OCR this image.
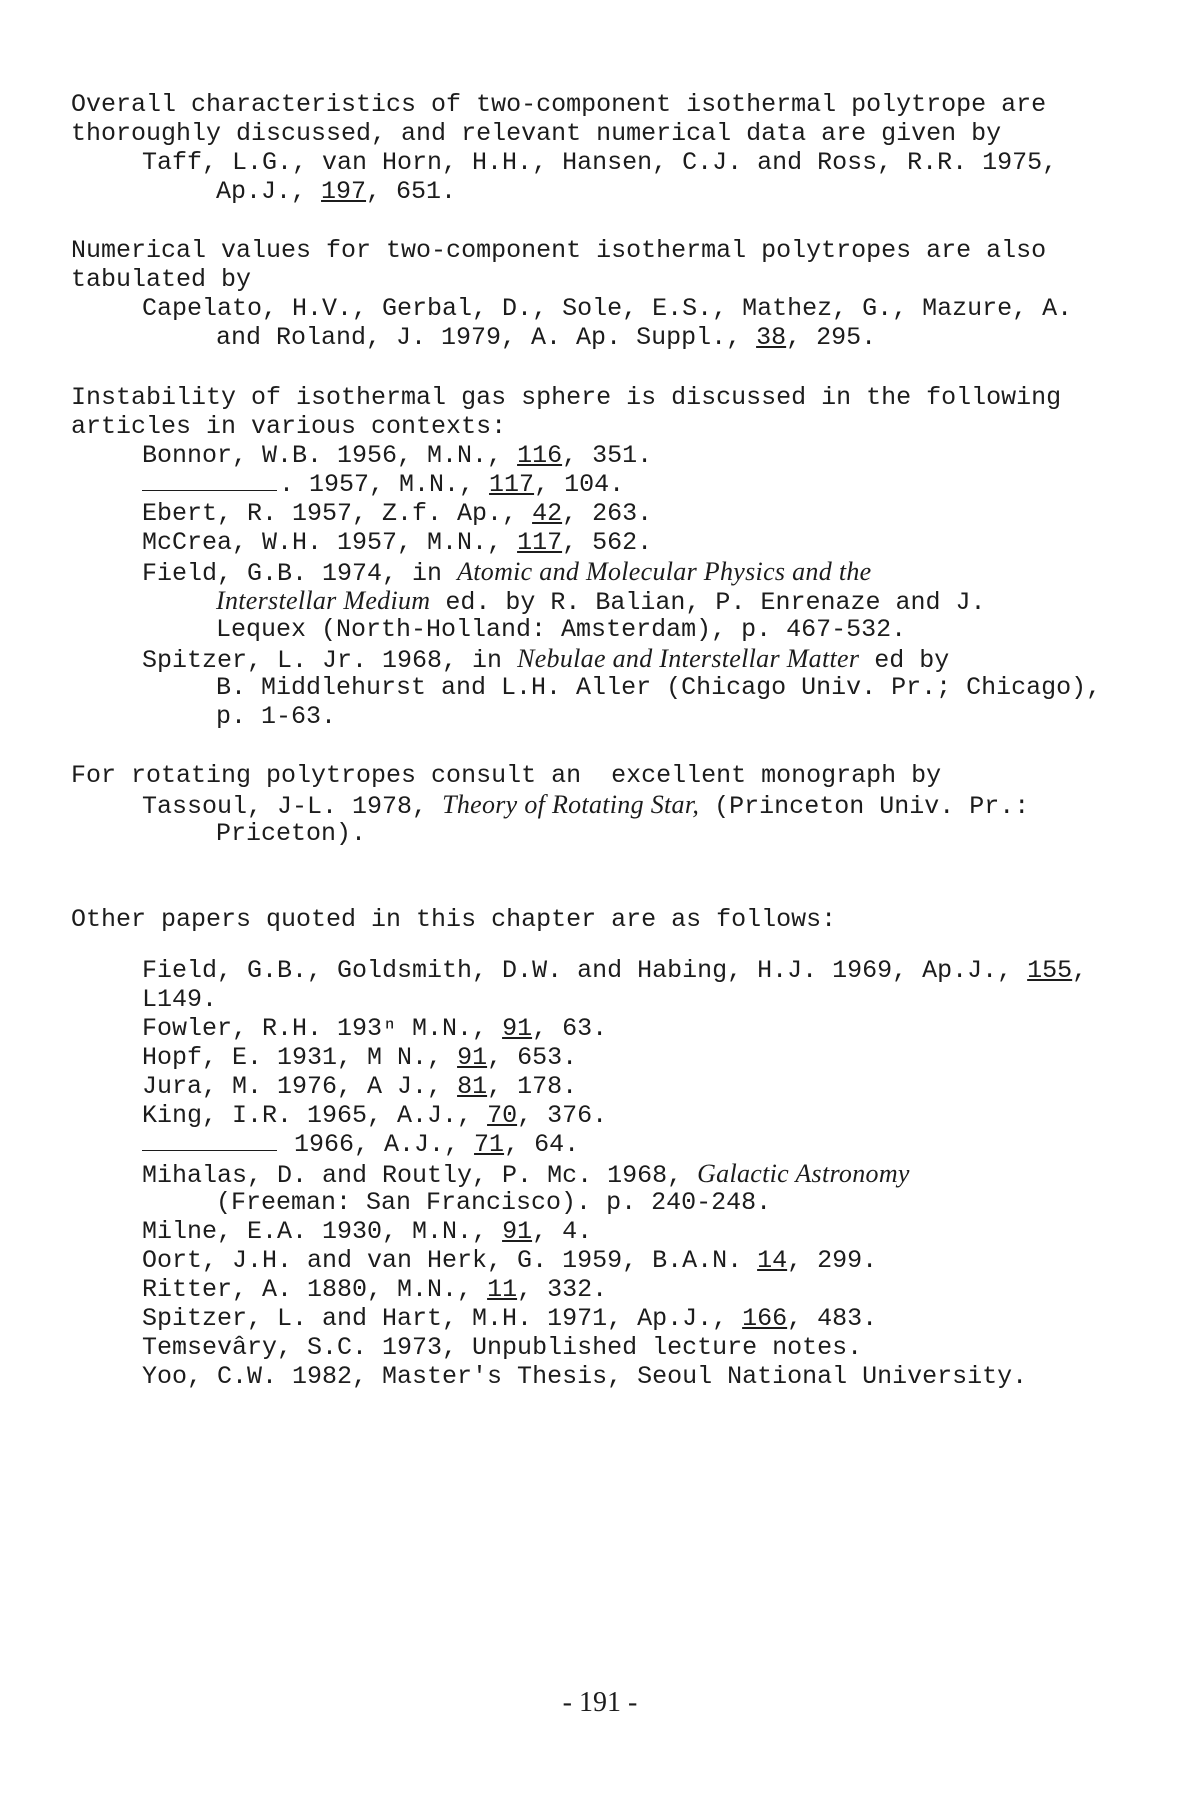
Overall characteristics of two-component isothermal polytrope are
thoroughly discussed, and relevant numerical data are given by
Taff, L.G., van Horn, H.H., Hansen, C.J. and Ross, R.R. 1975,
Ap.J., 197, 651.
Numerical values for two-component isothermal polytropes are also
tabulated by
Capelato, H.V., Gerbal, D., Sole, E.S., Mathez, G., Mazure, A.
and Roland, J. 1979, A. Ap. Suppl., 38, 295.
Instability of isothermal gas sphere is discussed in the following
articles in various contexts:
Bonnor, W.B. 1956, M.N., 116, 351.
. 1957, M.N., 117, 104.
Ebert, R. 1957, Z.f. Ap., 42, 263.
McCrea, W.H. 1957, M.N., 117, 562.
Field, G.B. 1974, in Atomic and Molecular Physics and the
Interstellar Medium ed. by R. Balian, P. Enrenaze and J.
Lequex (North-Holland: Amsterdam), p. 467-532.
Spitzer, L. Jr. 1968, in Nebulae and Interstellar Matter ed by
B. Middlehurst and L.H. Aller (Chicago Univ. Pr.; Chicago),
p. 1-63.
For rotating polytropes consult an  excellent monograph by
Tassoul, J-L. 1978, Theory of Rotating Star, (Princeton Univ. Pr.:
Priceton).
Other papers quoted in this chapter are as follows:
Field, G.B., Goldsmith, D.W. and Habing, H.J. 1969, Ap.J., 155,
L149.
Fowler, R.H. 193ⁿ M.N., 91, 63.
Hopf, E. 1931, M N., 91, 653.
Jura, M. 1976, A J., 81, 178.
King, I.R. 1965, A.J., 70, 376.
1966, A.J., 71, 64.
Mihalas, D. and Routly, P. Mc. 1968, Galactic Astronomy
(Freeman: San Francisco). p. 240-248.
Milne, E.A. 1930, M.N., 91, 4.
Oort, J.H. and van Herk, G. 1959, B.A.N. 14, 299.
Ritter, A. 1880, M.N., 11, 332.
Spitzer, L. and Hart, M.H. 1971, Ap.J., 166, 483.
Temsevâry, S.C. 1973, Unpublished lecture notes.
Yoo, C.W. 1982, Master's Thesis, Seoul National University.
- 191 -
